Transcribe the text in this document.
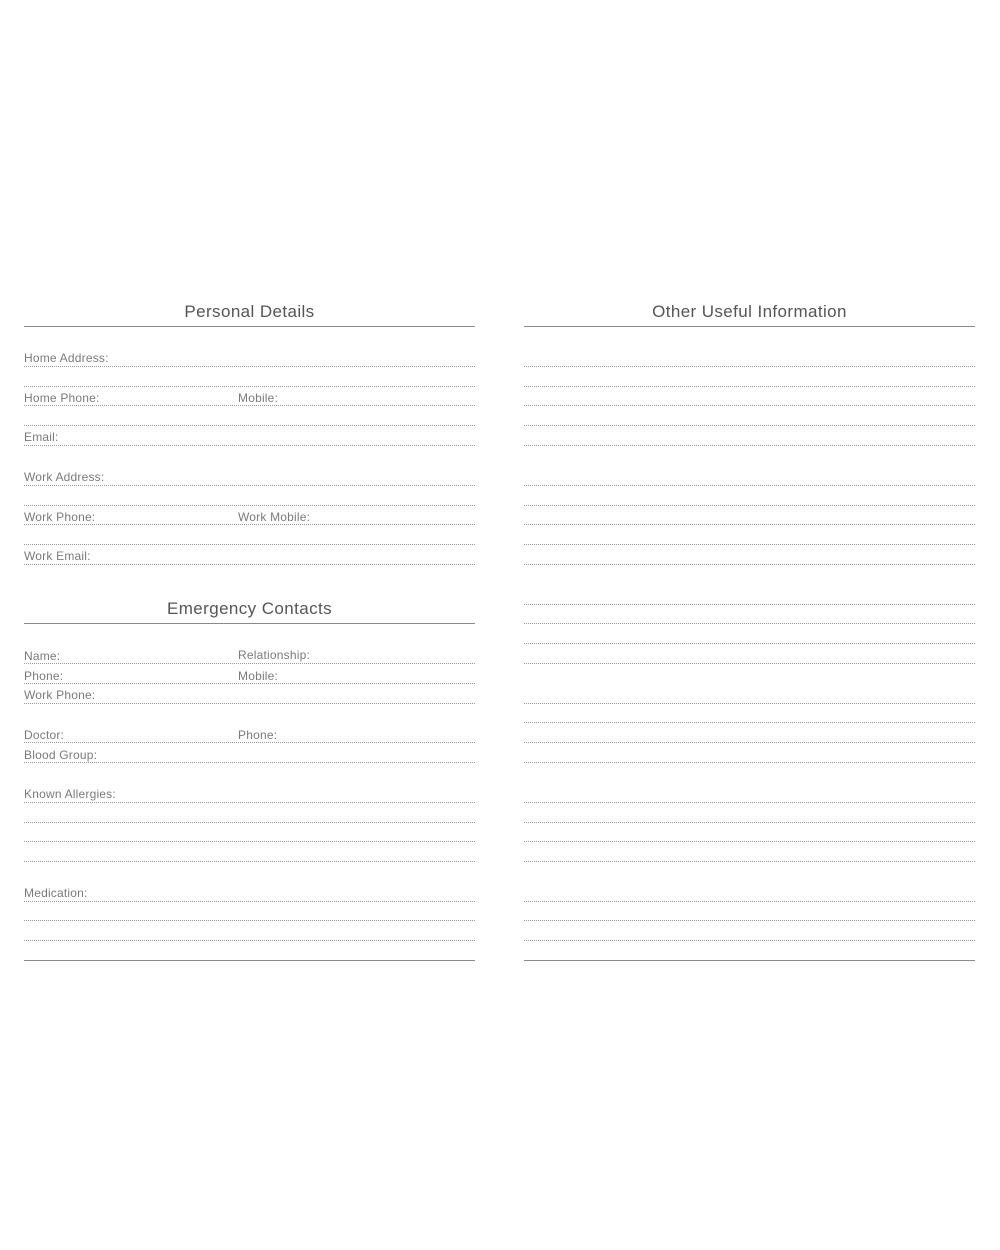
Personal Details
Home Address:
Home Phone:	Mobile:
Email:
Work Address:
Work Phone:	Work Mobile:
Work Email:
Emergency Contacts
Name:	Relationship:
Phone:	Mobile:
Work Phone:
Doctor:	Phone:
Blood Group:
Known Allergies:
Medication:
Other Useful Information
